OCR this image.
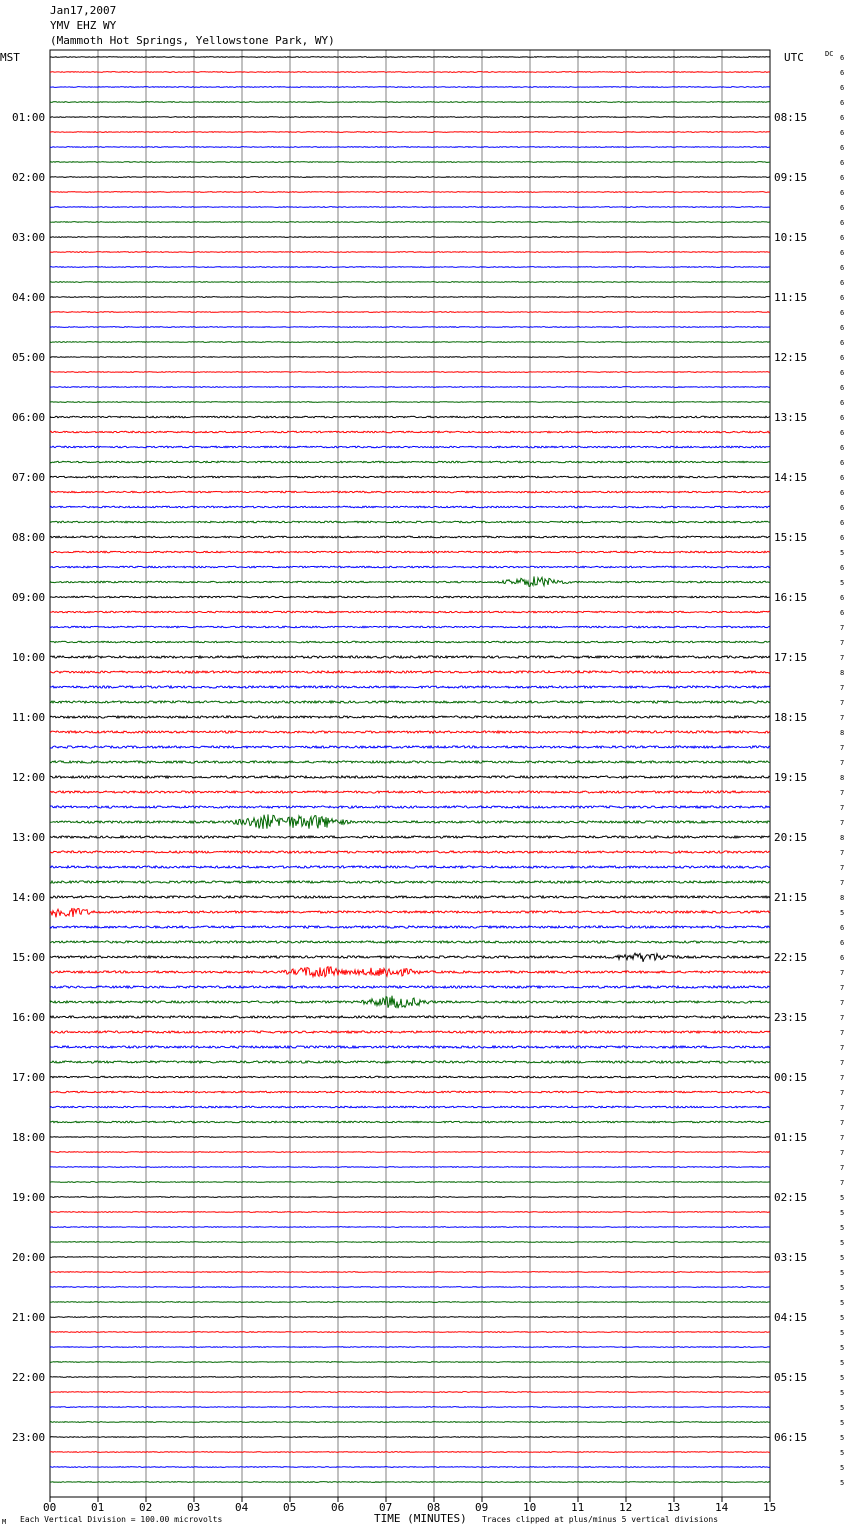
Jan17,2007
YMV EHZ WY
(Mammoth Hot Springs, Yellowstone Park, WY)
6
6
6
6
6
6
6
6
6
6
6
6
6
6
6
6
6
6
6
6
6
6
6
6
6
6
6
6
6
6
6
6
6
5
6
5
6
6
7
7
7
8
7
7
7
8
7
7
8
7
7
7
8
7
7
7
8
5
6
6
6
7
7
7
7
7
7
7
7
7
7
7
7
7
7
7
5
5
5
5
5
5
5
5
5
5
5
5
5
5
5
5
5
5
5
5
01:00
02:00
03:00
04:00
05:00
06:00
07:00
08:00
09:00
10:00
11:00
12:00
13:00
14:00
15:00
16:00
17:00
18:00
19:00
20:00
21:00
22:00
23:00
08:15
09:15
10:15
11:15
12:15
13:15
14:15
15:15
16:15
17:15
18:15
19:15
20:15
21:15
22:15
23:15
00:15
01:15
02:15
03:15
04:15
05:15
06:15
MST	UTC	DC
00	01	02	03	04	05	06	07	08	09	10	11	12	13	14	15
TIME (MINUTES)
M Each Vertical Division = 100.00 microvolts	Traces clipped at plus/minus 5 vertical divisions
